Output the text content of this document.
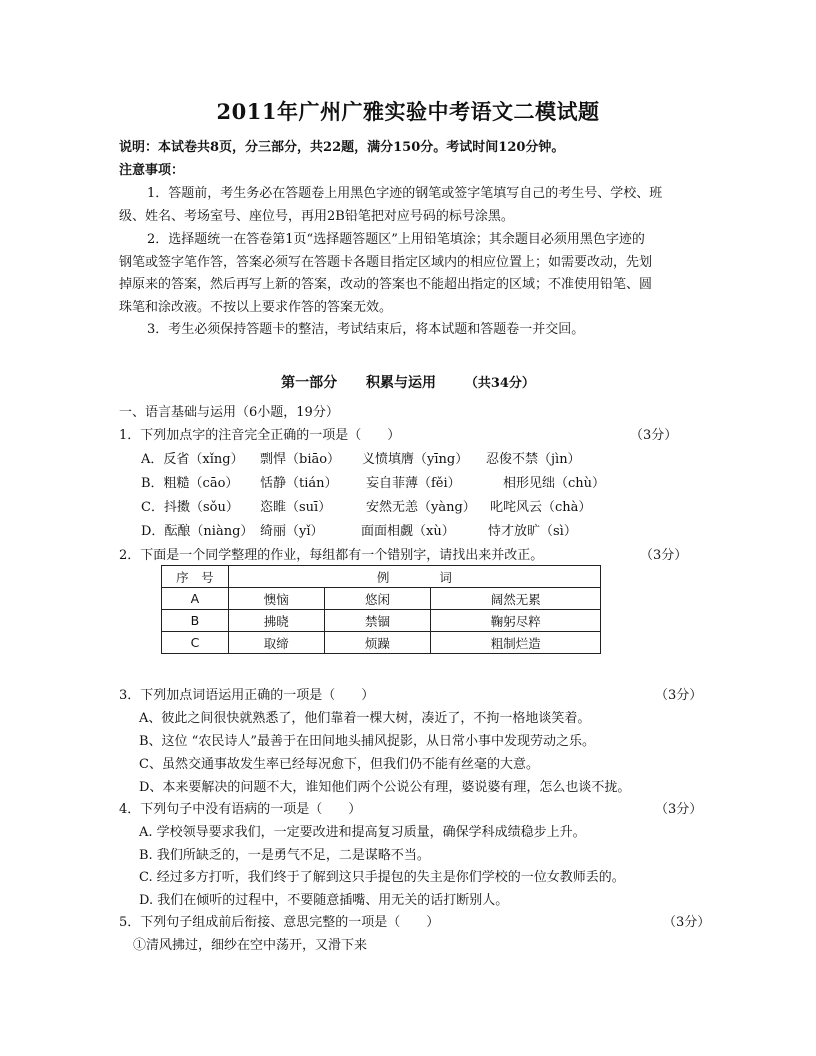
2011年广州广雅实验中考语文二模试题
说明：本试卷共8页，分三部分，共22题，满分150分。考试时间120分钟。
注意事项：
1．答题前，考生务必在答题卷上用黑色字迹的钢笔或签字笔填写自己的考生号、学校、班
级、姓名、考场室号、座位号，再用2B铅笔把对应号码的标号涂黑。
2．选择题统一在答卷第1页“选择题答题区”上用铅笔填涂；其余题目必须用黑色字迹的
钢笔或签字笔作答，答案必须写在答题卡各题目指定区域内的相应位置上；如需要改动，先划
掉原来的答案，然后再写上新的答案，改动的答案也不能超出指定的区域；不准使用铅笔、圆
珠笔和涂改液。不按以上要求作答的答案无效。
3．考生必须保持答题卡的整洁，考试结束后，将本试题和答题卷一并交回。
第一部分 积累与运用 （共34分）
一、语言基础与运用（6小题，19分）
1．下列加点字的注音完全正确的一项是（　　）	（3分）
A．反省（xǐng） 剽悍（biāo） 义愤填膺（yīng） 忍俊不禁（jìn）
B．粗糙（cāo） 恬静（tián） 妄自菲薄（fěi）	相形见绌（chù）
C．抖擞（sǒu） 恣睢（suī）	安然无恙（yàng） 叱咤风云（chà）
D．酝酿（niàng） 绮丽（yǐ）	面面相觑（xù）	恃才放旷（sì）
2．下面是一个同学整理的作业，每组都有一个错别字，请找出来并改正。	（3分）
序　号	例　　　　词		
A	懊恼	悠闲	阔然无累
B	拂晓	禁锢	鞠躬尽粹
C	取缔	烦躁	粗制烂造
3．下列加点词语运用正确的一项是（　　）	（3分）
A、彼此之间很快就熟悉了，他们靠着一棵大树，凑近了，不拘一格地谈笑着。
B、这位 “农民诗人”最善于在田间地头捕风捉影，从日常小事中发现劳动之乐。
C、虽然交通事故发生率已经每况愈下，但我们仍不能有丝毫的大意。
D、本来要解决的问题不大，谁知他们两个公说公有理，婆说婆有理，怎么也谈不拢。
4．下列句子中没有语病的一项是（　　）	（3分）
A. 学校领导要求我们，一定要改进和提高复习质量，确保学科成绩稳步上升。
B. 我们所缺乏的，一是勇气不足，二是谋略不当。
C. 经过多方打听，我们终于了解到这只手提包的失主是你们学校的一位女教师丢的。
D. 我们在倾听的过程中，不要随意插嘴、用无关的话打断别人。
5．下列句子组成前后衔接、意思完整的一项是（　　）	（3分）
①清风拂过，细纱在空中荡开，又滑下来
